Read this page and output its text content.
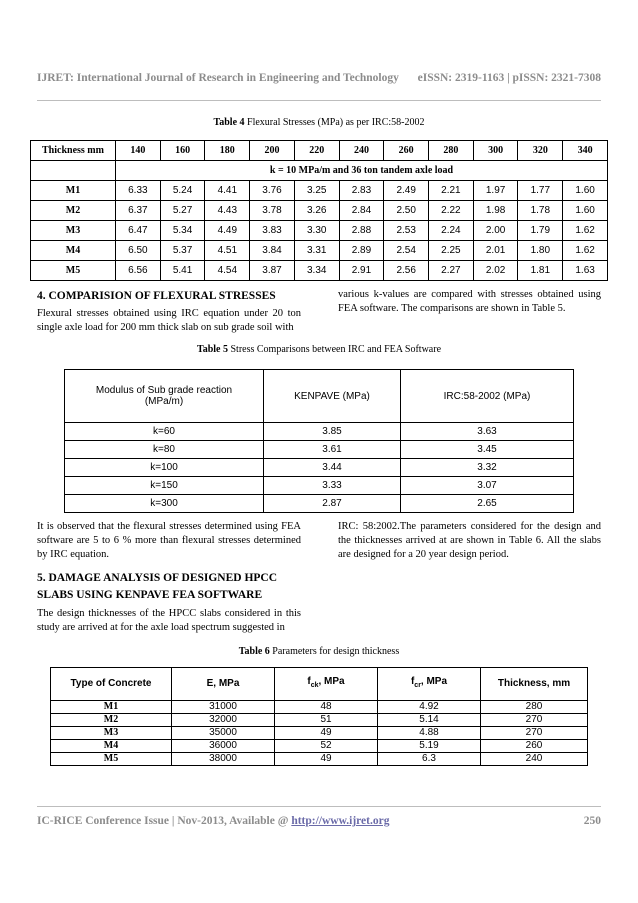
IJRET: International Journal of Research in Engineering and Technology eISSN: 2319-1163 | pISSN: 2321-7308
Table 4 Flexural Stresses (MPa) as per IRC:58-2002
Thickness mm	140	160	180	200	220	240	260	280	300	320	340
	k = 10 MPa/m and 36 ton tandem axle load										
M1	6.33	5.24	4.41	3.76	3.25	2.83	2.49	2.21	1.97	1.77	1.60
M2	6.37	5.27	4.43	3.78	3.26	2.84	2.50	2.22	1.98	1.78	1.60
M3	6.47	5.34	4.49	3.83	3.30	2.88	2.53	2.24	2.00	1.79	1.62
M4	6.50	5.37	4.51	3.84	3.31	2.89	2.54	2.25	2.01	1.80	1.62
M5	6.56	5.41	4.54	3.87	3.34	2.91	2.56	2.27	2.02	1.81	1.63
4. COMPARISION OF FLEXURAL STRESSES
Flexural stresses obtained using IRC equation under 20 ton single axle load for 200 mm thick slab on sub grade soil with
various k-values are compared with stresses obtained using FEA software. The comparisons are shown in Table 5.
Table 5 Stress Comparisons between IRC and FEA Software
Modulus of Sub grade reaction (MPa/m)	KENPAVE (MPa)	IRC:58-2002 (MPa)
k=60	3.85	3.63
k=80	3.61	3.45
k=100	3.44	3.32
k=150	3.33	3.07
k=300	2.87	2.65
It is observed that the flexural stresses determined using FEA software are 5 to 6 % more than flexural stresses determined by IRC equation.
IRC: 58:2002.The parameters considered for the design and the thicknesses arrived at are shown in Table 6. All the slabs are designed for a 20 year design period.
5. DAMAGE ANALYSIS OF DESIGNED HPCC
SLABS USING KENPAVE FEA SOFTWARE
The design thicknesses of the HPCC slabs considered in this study are arrived at for the axle load spectrum suggested in
Table 6 Parameters for design thickness
Type of Concrete	E, MPa	$f_{ck}$, MPa	$f_{cr}$, MPa	Thickness, mm
M1	31000	48	4.92	280
M2	32000	51	5.14	270
M3	35000	49	4.88	270
M4	36000	52	5.19	260
M5	38000	49	6.3	240
IC-RICE Conference Issue | Nov-2013, Available @ http://www.ijret.org	250
